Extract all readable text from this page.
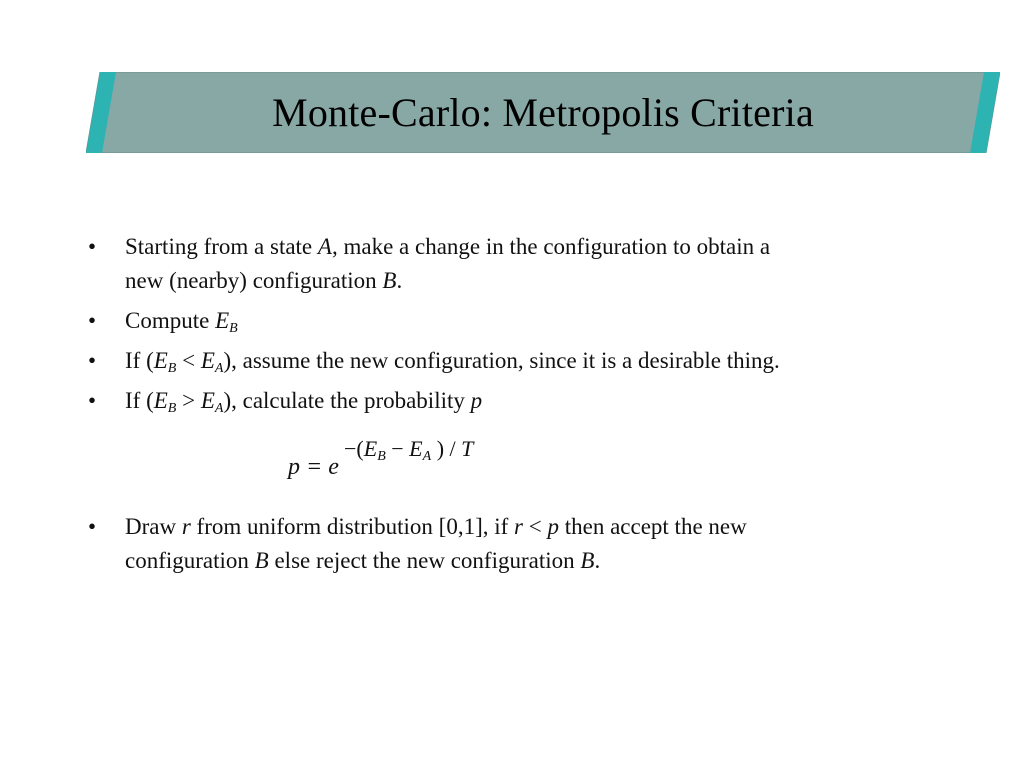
Monte-Carlo: Metropolis Criteria
•	Starting from a state A, make a change in the configuration to obtain a
new (nearby) configuration B.
•	Compute $E_B$
•	If $(E_B < E_A)$, assume the new configuration, since it is a desirable thing.
•	If $(E_B > E_A)$, calculate the probability p
p = e
$-(E_B - E_A$ ) / T
•	Draw r from uniform distribution [0,1], if r < p then accept the new
configuration B else reject the new configuration B.
